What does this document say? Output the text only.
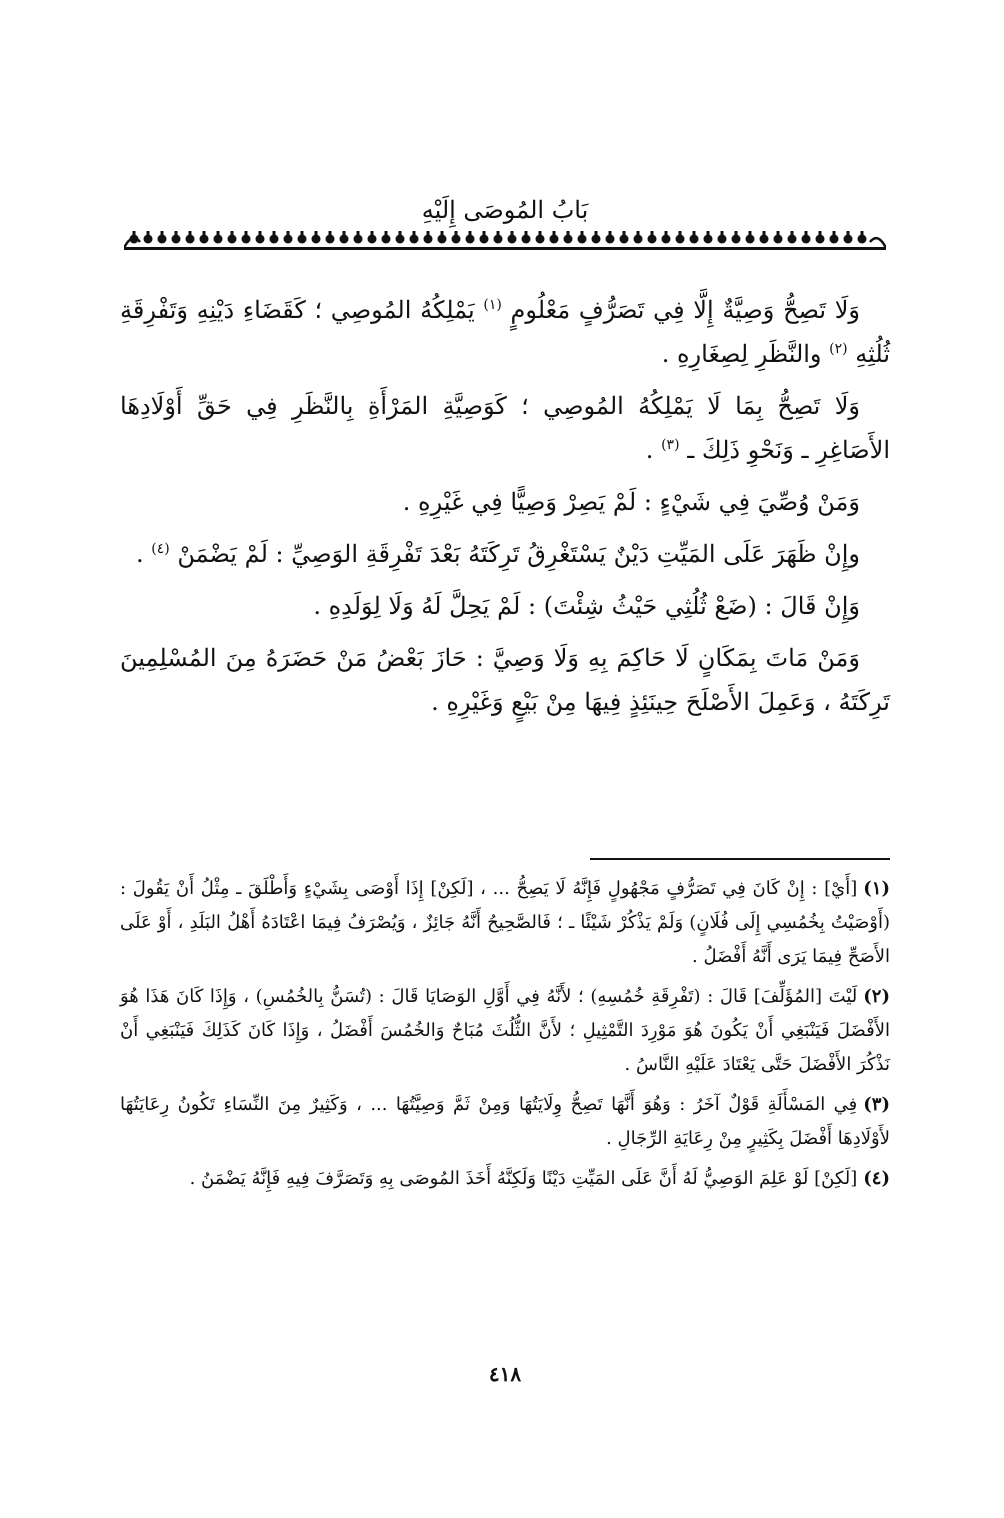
بَابُ المُوصَى إِلَيْهِ

وَلَا تَصِحُّ وَصِيَّةٌ إِلَّا فِي تَصَرُّفٍ مَعْلُومٍ $^{(١)}$ يَمْلِكُهُ المُوصِي ؛ كَقَضَاءِ دَيْنِهِ وَتَفْرِقَةِ ثُلُثِهِ $^{(٢)}$ والنَّظَرِ لِصِغَارِهِ .

وَلَا تَصِحُّ بِمَا لَا يَمْلِكُهُ المُوصِي ؛ كَوَصِيَّةِ المَرْأَةِ بِالنَّظَرِ فِي حَقِّ أَوْلَادِهَا الأَصَاغِرِ ـ وَنَحْوِ ذَلِكَ ـ $^{(٣)}$ .

وَمَنْ وُصِّيَ فِي شَيْءٍ : لَمْ يَصِرْ وَصِيًّا فِي غَيْرِهِ .

وإِنْ ظَهَرَ عَلَى المَيِّتِ دَيْنٌ يَسْتَغْرِقُ تَرِكَتَهُ بَعْدَ تَفْرِقَةِ الوَصِيِّ : لَمْ يَضْمَنْ $^{(٤)}$ .

وَإِنْ قَالَ : (ضَعْ ثُلُثِي حَيْثُ شِئْتَ) : لَمْ يَحِلَّ لَهُ وَلَا لِوَلَدِهِ .

وَمَنْ مَاتَ بِمَكَانٍ لَا حَاكِمَ بِهِ وَلَا وَصِيَّ : حَازَ بَعْضُ مَنْ حَضَرَهُ مِنَ المُسْلِمِينَ تَرِكَتَهُ ، وَعَمِلَ الأَصْلَحَ حِينَئِذٍ فِيهَا مِنْ بَيْعٍ وَغَيْرِهِ .

(١)[أَيْ] : إِنْ كَانَ فِي تَصَرُّفٍ مَجْهُولٍ فَإِنَّهُ لَا يَصِحُّ ... ، [لَكِنْ] إِذَا أَوْصَى بِشَيْءٍ وَأَطْلَقَ ـ مِثْلُ أَنْ يَقُولَ : (أَوْصَيْتُ بِخُمُسِي إِلَى فُلَانٍ) وَلَمْ يَذْكُرْ شَيْئًا ـ ؛ فَالصَّحِيحُ أَنَّهُ جَائِزٌ ، وَيُصْرَفُ فِيمَا اعْتَادَهُ أَهْلُ البَلَدِ ، أَوْ عَلَى الأَصَحِّ فِيمَا يَرَى أَنَّهُ أَفْضَلُ .

(٢)لَيْتَ [المُؤَلِّفَ] قَالَ : (تَفْرِقَةِ خُمُسِهِ) ؛ لأَنَّهُ فِي أَوَّلِ الوَصَايَا قَالَ : (تُسَنُّ بِالخُمُسِ) ، وَإِذَا كَانَ هَذَا هُوَ الأَفْضَلَ فَيَنْبَغِي أَنْ يَكُونَ هُوَ مَوْرِدَ التَّمْثِيلِ ؛ لأَنَّ الثُّلُثَ مُبَاحٌ وَالخُمُسَ أَفْضَلُ ، وَإِذَا كَانَ كَذَلِكَ فَيَنْبَغِي أَنْ نَذْكُرَ الأَفْضَلَ حَتَّى يَعْتَادَ عَلَيْهِ النَّاسُ .

(٣)فِي المَسْأَلَةِ قَوْلٌ آخَرُ : وَهُوَ أَنَّهَا تَصِحُّ وِلَايَتُهَا وَمِنْ ثَمَّ وَصِيَّتُهَا ... ، وَكَثِيرٌ مِنَ النِّسَاءِ تَكُونُ رِعَايَتُهَا لأَوْلَادِهَا أَفْضَلَ بِكَثِيرٍ مِنْ رِعَايَةِ الرِّجَالِ .

(٤)[لَكِنْ] لَوْ عَلِمَ الوَصِيُّ لَهُ أَنَّ عَلَى المَيِّتِ دَيْنًا وَلَكِنَّهُ أَخَذَ المُوصَى بِهِ وَتَصَرَّفَ فِيهِ فَإِنَّهُ يَضْمَنُ .

٤١٨
